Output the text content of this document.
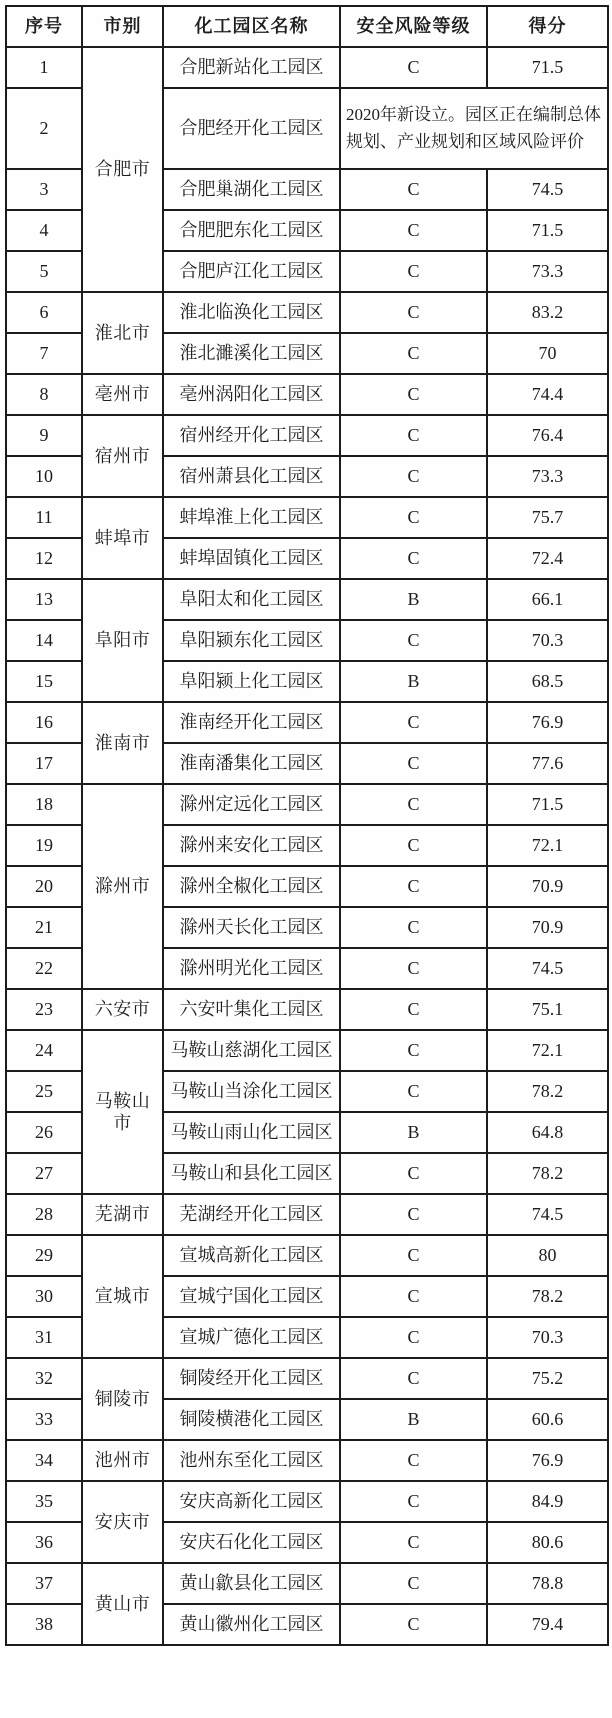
序号	市别	化工园区名称	安全风险等级	得分
1	合肥市	合肥新站化工园区	C	71.5
2		合肥经开化工园区	2020年新设立。园区正在编制总体规划、产业规划和区域风险评价	
3		合肥巢湖化工园区	C	74.5
4		合肥肥东化工园区	C	71.5
5		合肥庐江化工园区	C	73.3
6	淮北市	淮北临涣化工园区	C	83.2
7		淮北濉溪化工园区	C	70
8	亳州市	亳州涡阳化工园区	C	74.4
9	宿州市	宿州经开化工园区	C	76.4
10		宿州萧县化工园区	C	73.3
11	蚌埠市	蚌埠淮上化工园区	C	75.7
12		蚌埠固镇化工园区	C	72.4
13	阜阳市	阜阳太和化工园区	B	66.1
14		阜阳颍东化工园区	C	70.3
15		阜阳颍上化工园区	B	68.5
16	淮南市	淮南经开化工园区	C	76.9
17		淮南潘集化工园区	C	77.6
18	滁州市	滁州定远化工园区	C	71.5
19		滁州来安化工园区	C	72.1
20		滁州全椒化工园区	C	70.9
21		滁州天长化工园区	C	70.9
22		滁州明光化工园区	C	74.5
23	六安市	六安叶集化工园区	C	75.1
24	马鞍山市	马鞍山慈湖化工园区	C	72.1
25		马鞍山当涂化工园区	C	78.2
26		马鞍山雨山化工园区	B	64.8
27		马鞍山和县化工园区	C	78.2
28	芜湖市	芜湖经开化工园区	C	74.5
29	宣城市	宣城高新化工园区	C	80
30		宣城宁国化工园区	C	78.2
31		宣城广德化工园区	C	70.3
32	铜陵市	铜陵经开化工园区	C	75.2
33		铜陵横港化工园区	B	60.6
34	池州市	池州东至化工园区	C	76.9
35	安庆市	安庆高新化工园区	C	84.9
36		安庆石化化工园区	C	80.6
37	黄山市	黄山歙县化工园区	C	78.8
38		黄山徽州化工园区	C	79.4
